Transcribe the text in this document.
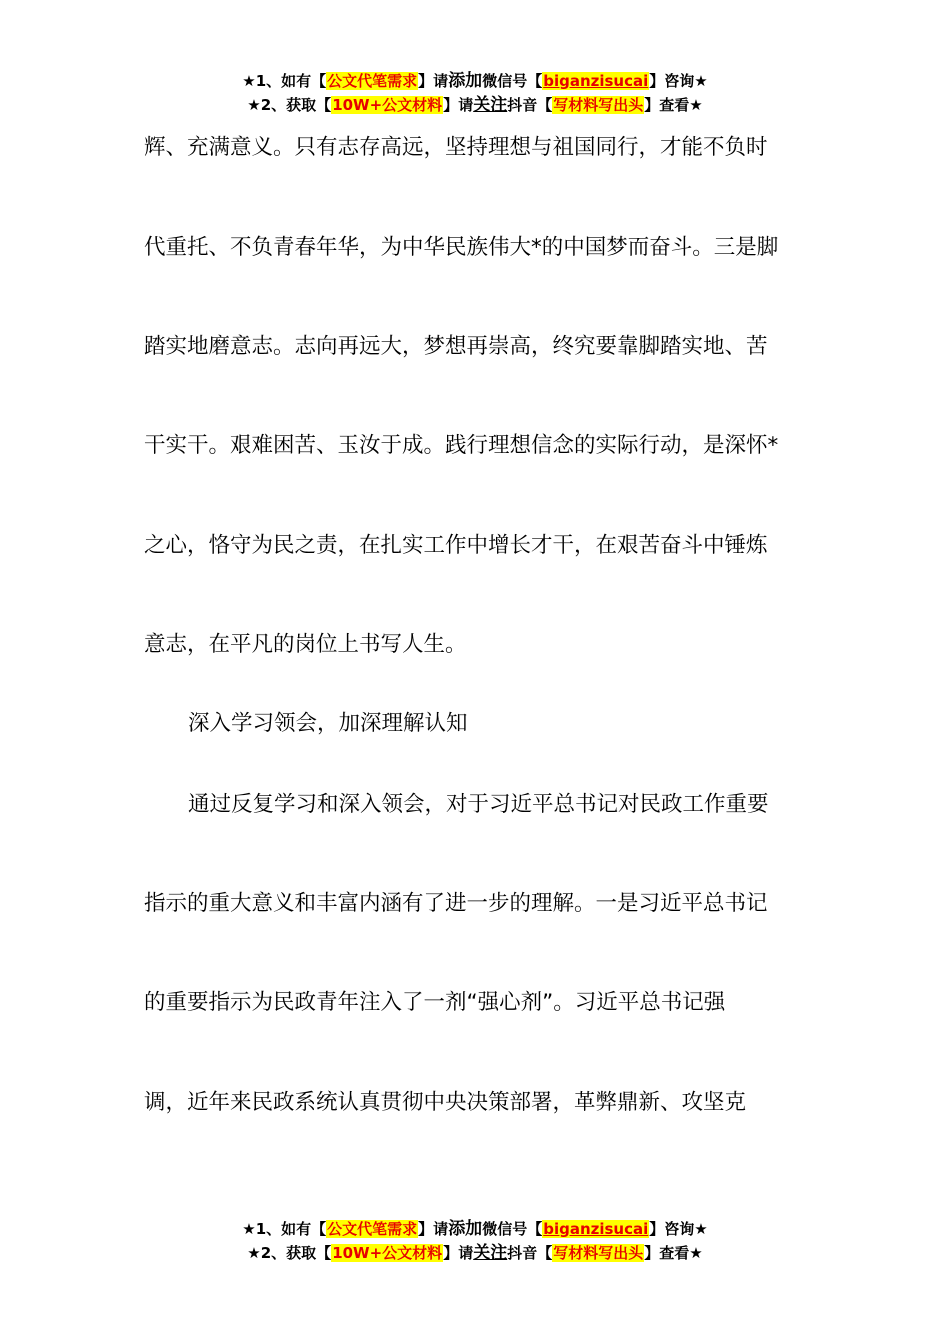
★1、如有【公文代笔需求】请添加微信号【biganzisucai】咨询★
★2、获取【10W+公文材料】请关注抖音【写材料写出头】查看★
辉、充满意义。只有志存高远，坚持理想与祖国同行，才能不负时
代重托、不负青春年华，为中华民族伟大*的中国梦而奋斗。三是脚
踏实地磨意志。志向再远大，梦想再崇高，终究要靠脚踏实地、苦
干实干。艰难困苦、玉汝于成。践行理想信念的实际行动，是深怀*
之心，恪守为民之责，在扎实工作中增长才干，在艰苦奋斗中锤炼
意志，在平凡的岗位上书写人生。
深入学习领会，加深理解认知
通过反复学习和深入领会，对于习近平总书记对民政工作重要
指示的重大意义和丰富内涵有了进一步的理解。一是习近平总书记
的重要指示为民政青年注入了一剂“强心剂”。习近平总书记强
调，近年来民政系统认真贯彻中央决策部署，革弊鼎新、攻坚克
★1、如有【公文代笔需求】请添加微信号【biganzisucai】咨询★
★2、获取【10W+公文材料】请关注抖音【写材料写出头】查看★
